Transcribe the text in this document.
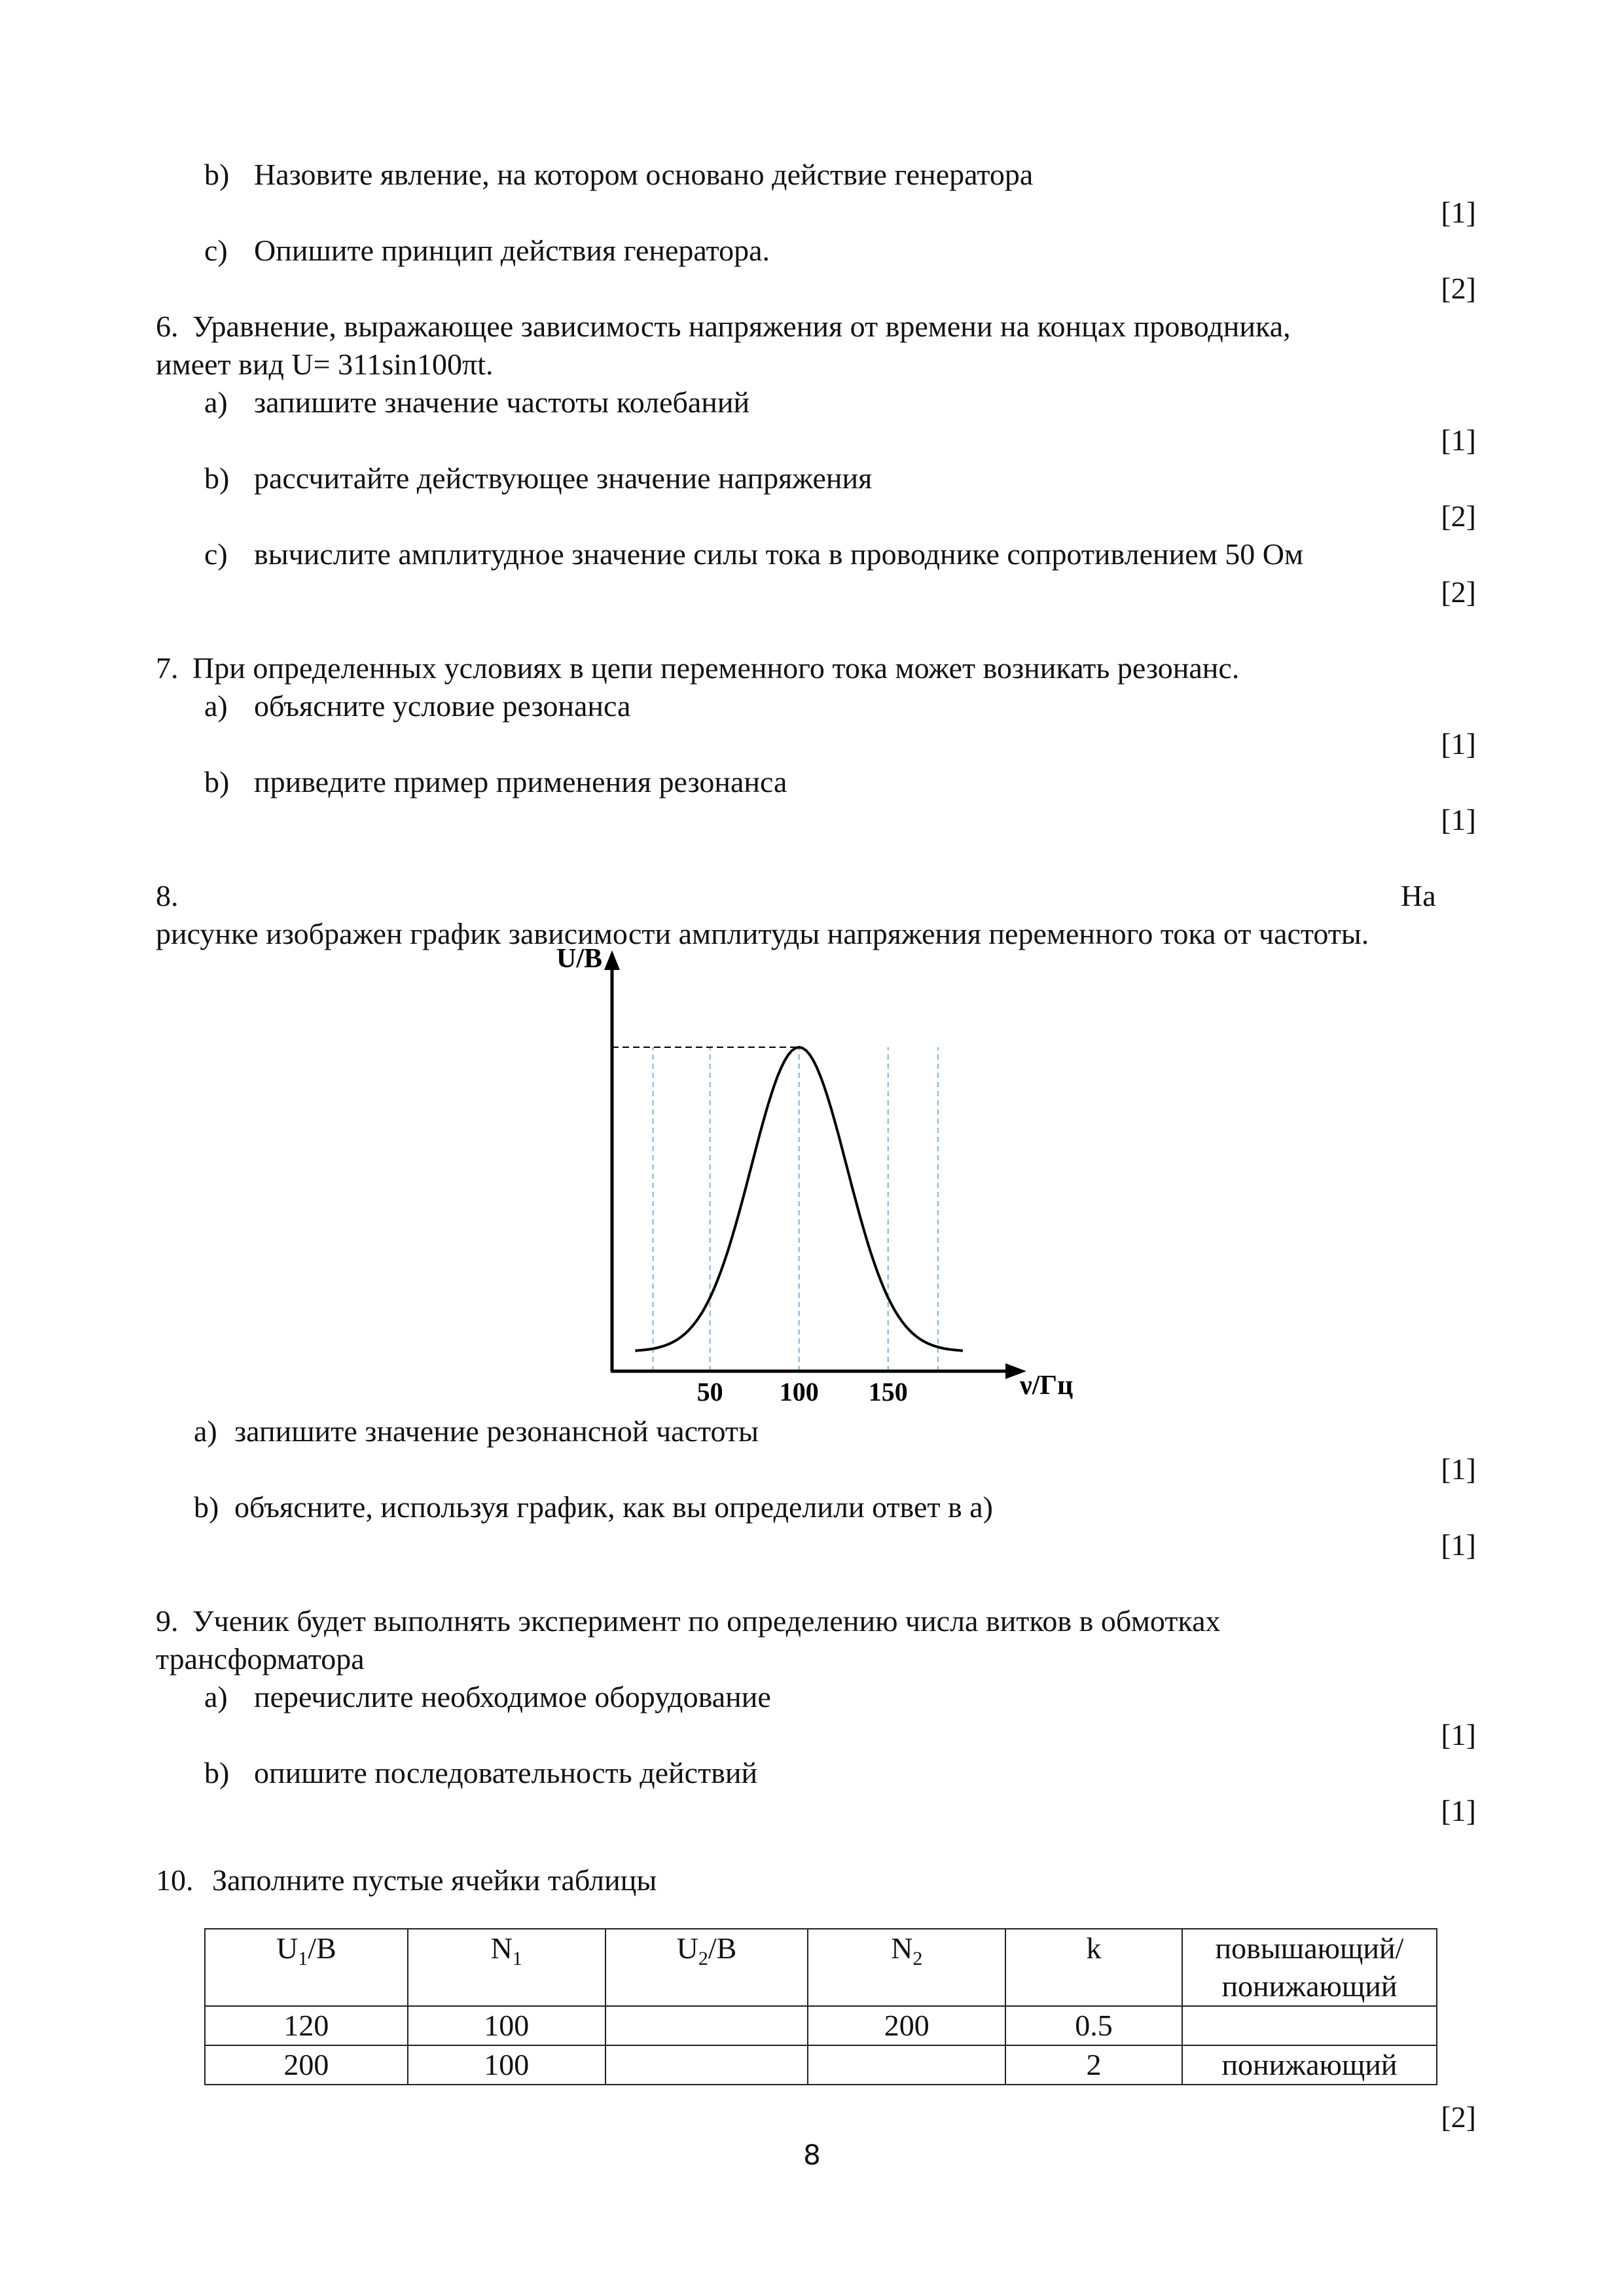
b) Назовите явление, на котором основано действие генератора
[1]
c) Опишите принцип действия генератора.
[2]
6. Уравнение, выражающее зависимость напряжения от времени на концах проводника,
имеет вид U= 311sin100πt.
a) запишите значение частоты колебаний
[1]
b) рассчитайте действующее значение напряжения
[2]
c) вычислите амплитудное значение силы тока в проводнике сопротивлением 50 Ом
[2]
7. При определенных условиях в цепи переменного тока может возникать резонанс.
a) объясните условие резонанса
[1]
b) приведите пример применения резонанса
[1]
8.	На
рисунке изображен график зависимости амплитуды напряжения переменного тока от частоты.
U/B
ν/Гц
50 100 150
a) запишите значение резонансной частоты
[1]
b) объясните, используя график, как вы определили ответ в а)
[1]
9. Ученик будет выполнять эксперимент по определению числа витков в обмотках
трансформатора
a) перечислите необходимое оборудование
[1]
b) опишите последовательность действий
[1]
10. Заполните пустые ячейки таблицы
$U_1/B$	$N_1$	$U_2/B$	$N_2$	k	повышающий/
понижающий

120	100		200	0.5	
200	100			2	понижающий
[2]
8
